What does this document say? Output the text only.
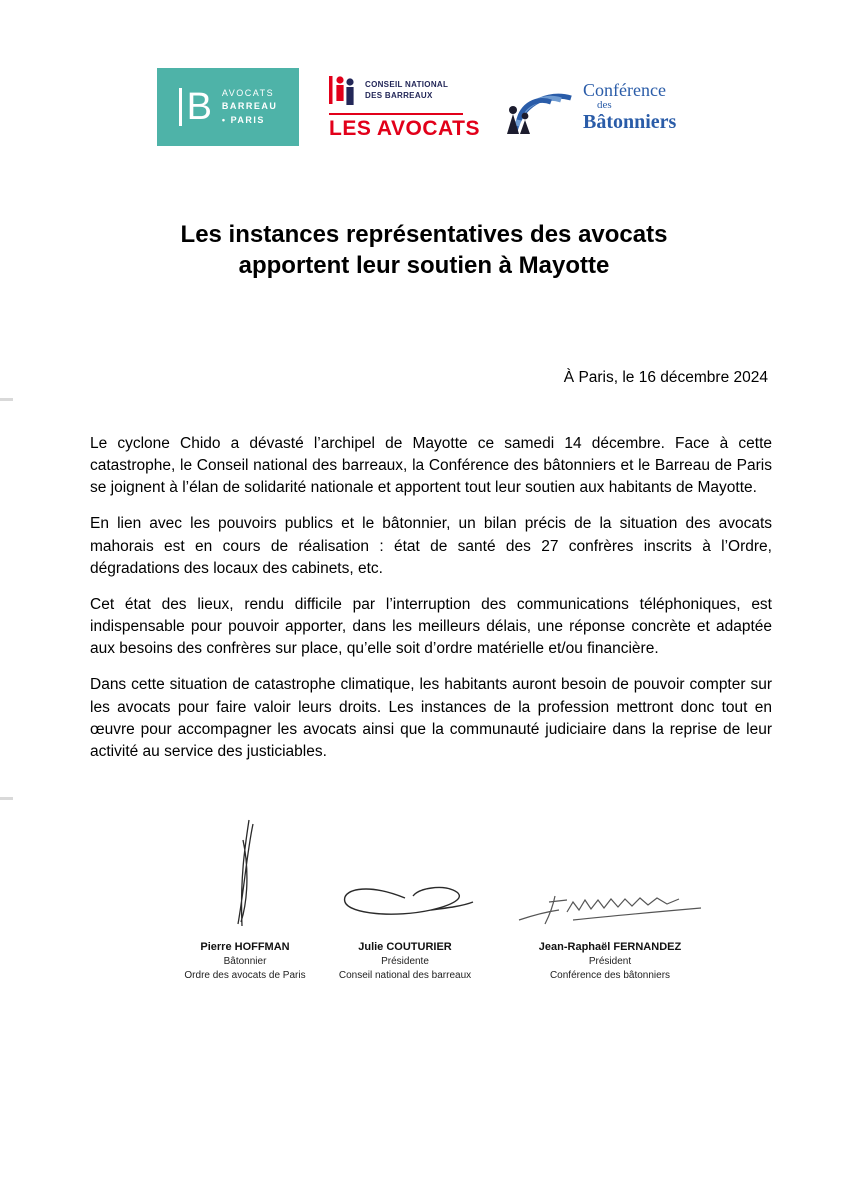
B AVOCATS
BARREAU
• PARIS
CONSEIL NATIONAL DES BARREAUX
LES AVOCATS
Conférence
des
Bâtonniers
Les instances représentatives des avocats
apportent leur soutien à Mayotte
À Paris, le 16 décembre 2024

Le cyclone Chido a dévasté l’archipel de Mayotte ce samedi 14 décembre. Face à cette catastrophe, le Conseil national des barreaux, la Conférence des bâtonniers et le Barreau de Paris se joignent à l’élan de solidarité nationale et apportent tout leur soutien aux habitants de Mayotte.

En lien avec les pouvoirs publics et le bâtonnier, un bilan précis de la situation des avocats mahorais est en cours de réalisation : état de santé des 27 confrères inscrits à l’Ordre, dégradations des locaux des cabinets, etc.

Cet état des lieux, rendu difficile par l’interruption des communications téléphoniques, est indispensable pour pouvoir apporter, dans les meilleurs délais, une réponse concrète et adaptée aux besoins des confrères sur place, qu’elle soit d’ordre matérielle et/ou financière.

Dans cette situation de catastrophe climatique, les habitants auront besoin de pouvoir compter sur les avocats pour faire valoir leurs droits. Les instances de la profession mettront donc tout en œuvre pour accompagner les avocats ainsi que la communauté judiciaire dans la reprise de leur activité au service des justiciables.

Pierre HOFFMAN
Bâtonnier
Ordre des avocats de Paris
Julie COUTURIER
Présidente
Conseil national des barreaux
Jean-Raphaël FERNANDEZ
Président
Conférence des bâtonniers
